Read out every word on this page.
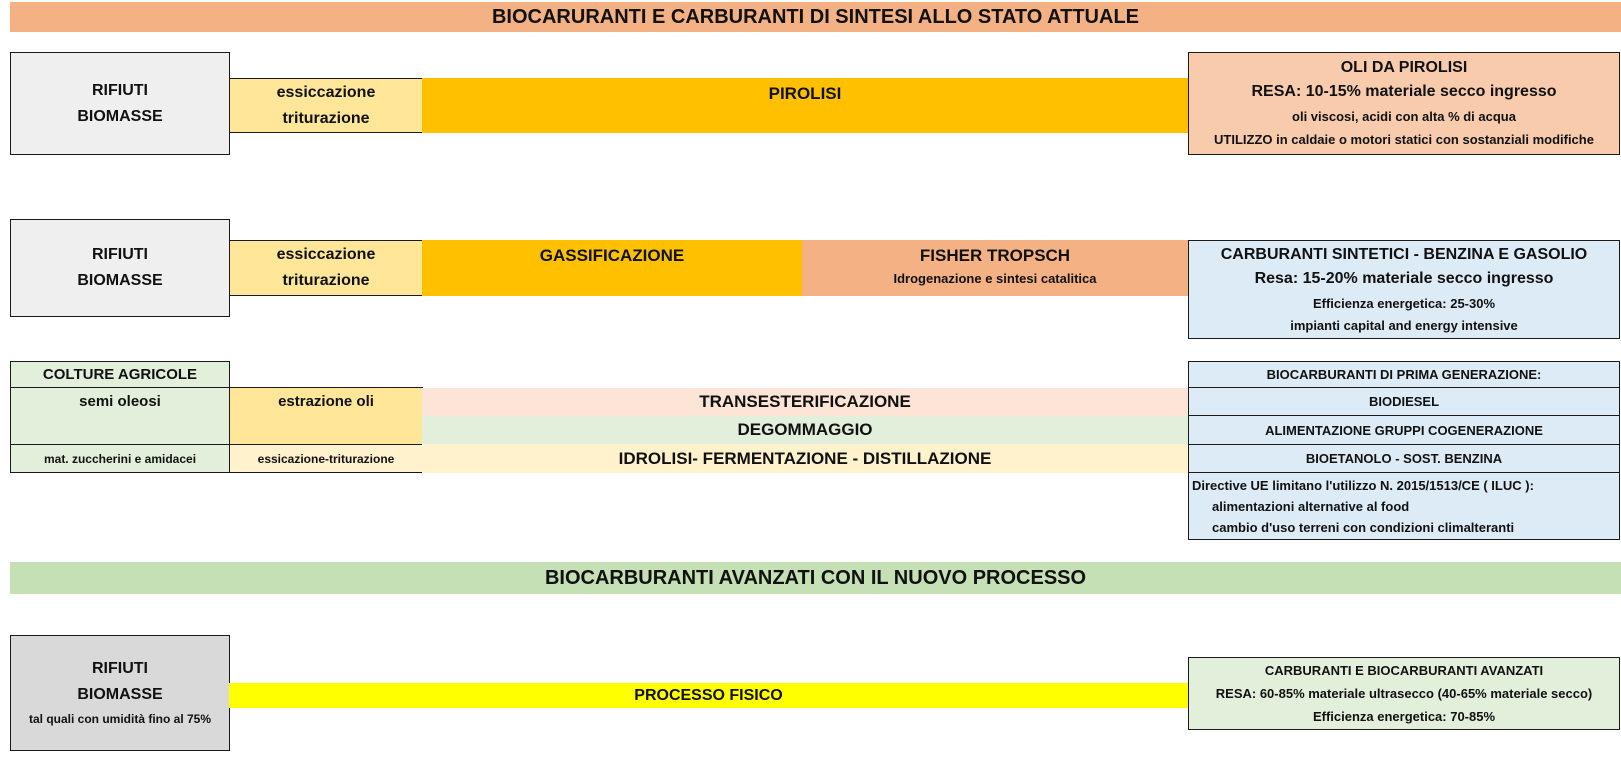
BIOCARURANTI E CARBURANTI DI SINTESI ALLO STATO ATTUALE
RIFIUTI
BIOMASSE
essiccazione
triturazione
PIROLISI
OLI DA PIROLISI
RESA: 10-15% materiale secco ingresso
oli viscosi, acidi con alta % di acqua
UTILIZZO in caldaie o motori statici con sostanziali modifiche
RIFIUTI
BIOMASSE
essiccazione
triturazione
GASSIFICAZIONE	FISHER TROPSCH
Idrogenazione e sintesi catalitica
CARBURANTI SINTETICI - BENZINA E GASOLIO
Resa: 15-20% materiale secco ingresso
Efficienza energetica: 25-30%
impianti capital and energy intensive
COLTURE AGRICOLE
semi oleosi
mat. zuccherini e amidacei
estrazione oli
essicazione-triturazione
TRANSESTERIFICAZIONE
DEGOMMAGGIO
IDROLISI- FERMENTAZIONE - DISTILLAZIONE
BIOCARBURANTI DI PRIMA GENERAZIONE:
BIODIESEL
ALIMENTAZIONE GRUPPI COGENERAZIONE
BIOETANOLO - SOST. BENZINA
Directive UE limitano l'utilizzo N. 2015/1513/CE ( ILUC ):
alimentazioni alternative al food
cambio d'uso terreni con condizioni climalteranti
BIOCARBURANTI AVANZATI CON IL NUOVO PROCESSO
RIFIUTI
BIOMASSE
tal quali con umidità fino al 75%
PROCESSO FISICO
CARBURANTI E BIOCARBURANTI AVANZATI
RESA: 60-85% materiale ultrasecco (40-65% materiale secco)
Efficienza energetica: 70-85%
